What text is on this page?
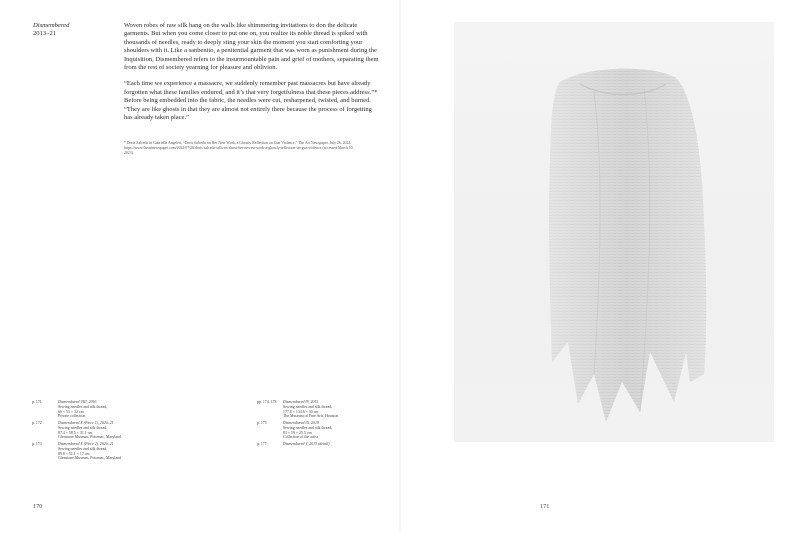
Dismembered
2013–21

Woven robes of raw silk hang on the walls like shimmering invitations to don the delicate garments. But when you come closer to put one on, you realize its noble thread is spiked with thousands of needles, ready to deeply sting your skin the moment you start comforting your shoulders with it. Like a sanbenito, a penitential garment that was worn as punishment during the Inquisition, Dismembered refers to the insurmountable pain and grief of mothers, separating them from the rest of society yearning for pleasure and oblivion.

“Each time we experience a massacre, we suddenly remember past massacres but have already forgotten what these families endured, and it’s that very forgetfulness that these pieces address.”* Before being embedded into the fabric, the needles were cut, resharpened, twisted, and burned. “They are like ghosts in that they are almost not entirely there because the process of forgetting has already taken place.”

* Doris Salcedo in Gabriella Angeleti, “Doris Salcedo on Her New Work, a Ghostly Reflection on Gun Violence,” The Art Newspaper, July 26, 2022, https://www.theartnewspaper.com/2022/07/26/doris-salcedo-tells-us-about-her-newest-work-a-ghostly-reflection-on-gun-violence (accessed March 10, 2023).
p. 171	Dismembered VIII, 2016
Sewing needles and silk thread,
66 × 53 × 32 cm
Private collection
p. 172	Dismembered X (Piece 1), 2020–21
Sewing needles and silk thread,
87.4 × 58.5 × 31.1 cm
Glenstone Museum, Potomac, Maryland
p. 173	Dismembered X (Piece 2), 2020–21
Sewing needles and silk thread,
89.8 × 51.1 × 17 cm
Glenstone Museum, Potomac, Maryland
pp. 174, 178	Dismembered IV, 2015
Sewing needles and silk thread,
177.8 × 134.6 × 30 cm
The Museum of Fine Arts, Houston
p. 175	Dismembered IX, 2018
Sewing needles and silk thread,
83 × 59 × 25.5 cm
Collection of the artist
p. 177	Dismembered V, 2015 (detail)
170	171
